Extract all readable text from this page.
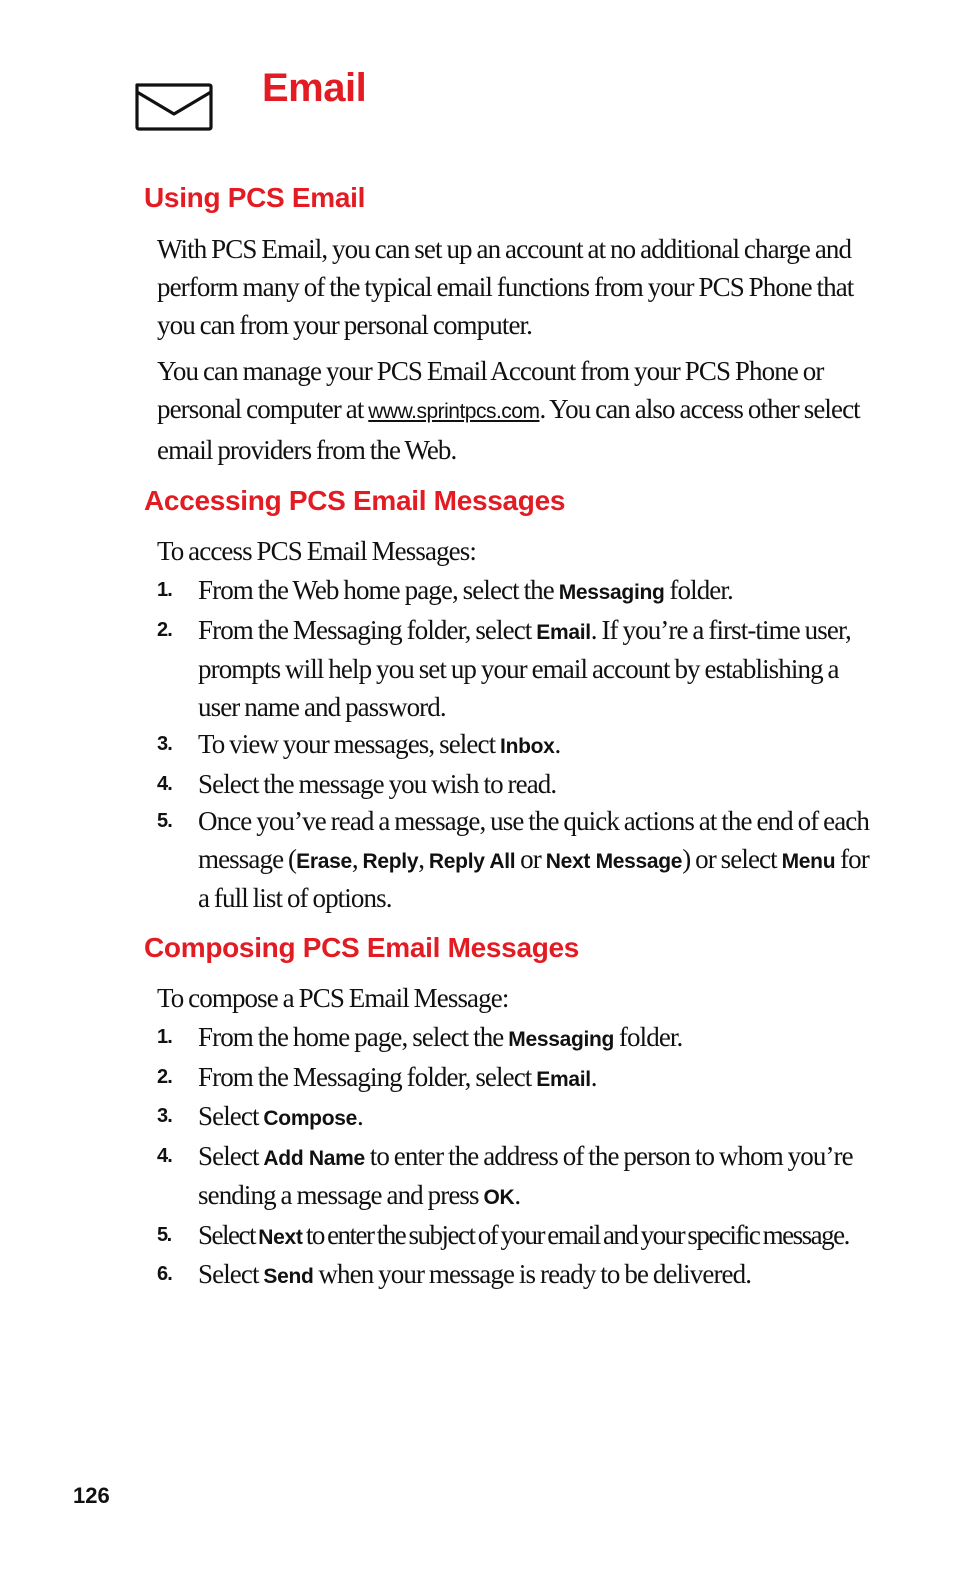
Email
Using PCS Email

With PCS Email, you can set up an account at no additional charge and perform many of the typical email functions from your PCS Phone that you can from your personal computer.

You can manage your PCS Email Account from your PCS Phone or personal computer at www.sprintpcs.com. You can also access other select email providers from the Web.

Accessing PCS Email Messages

To access PCS Email Messages:

1. From the Web home page, select the Messaging folder.
2. From the Messaging folder, select Email. If you’re a first-time user, prompts will help you set up your email account by establishing a user name and password.
3. To view your messages, select Inbox.
4. Select the message you wish to read.
5. Once you’ve read a message, use the quick actions at the end of each message (Erase, Reply, Reply All or Next Message) or select Menu for a full list of options.
Composing PCS Email Messages

To compose a PCS Email Message:

1. From the home page, select the Messaging folder.
2. From the Messaging folder, select Email.
3. Select Compose.
4. Select Add Name to enter the address of the person to whom you’re sending a message and press OK.
5. Select Next to enter the subject of your email and your specific message.
6. Select Send when your message is ready to be delivered.
126
